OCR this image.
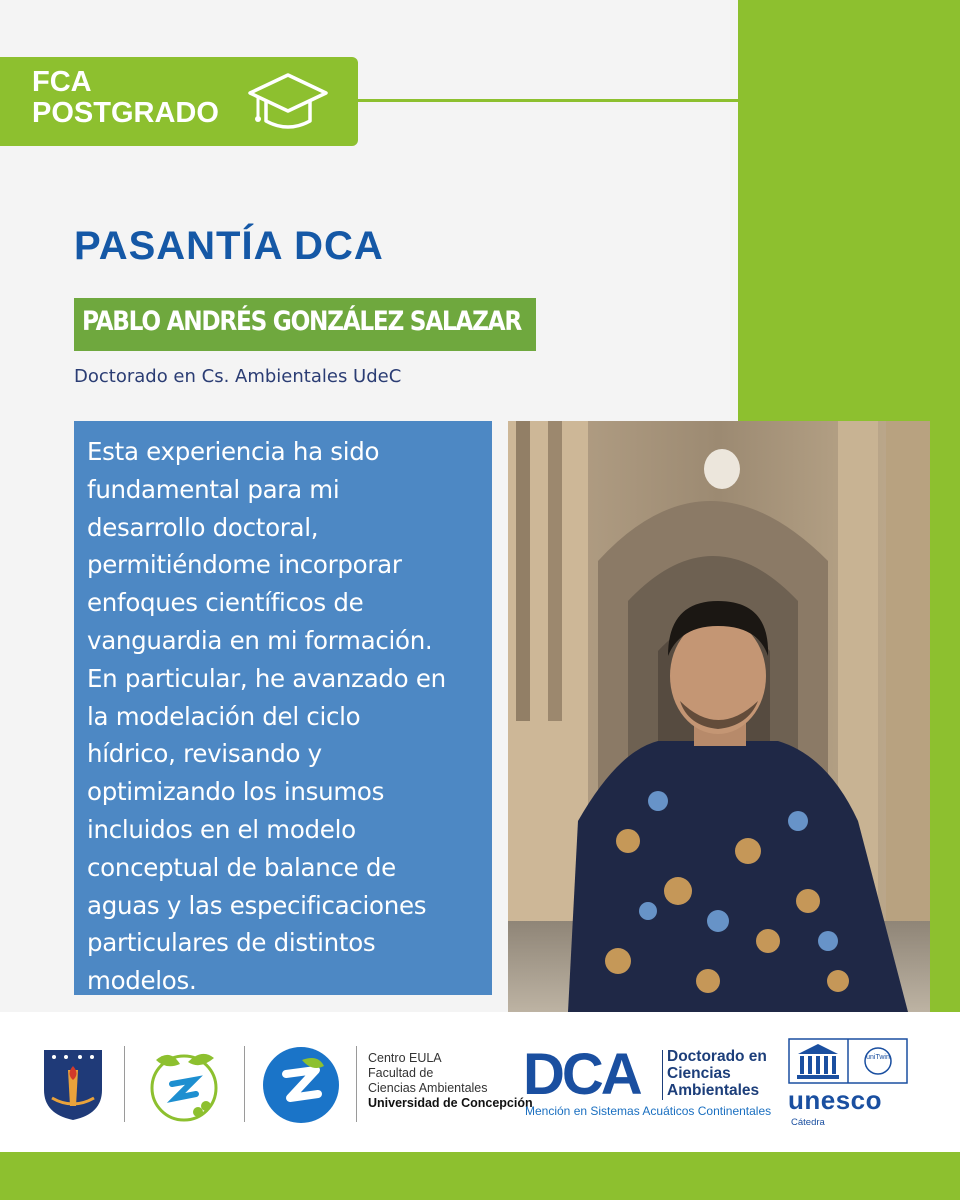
FCA
POSTGRADO
PASANTÍA DCA
PABLO ANDRÉS GONZÁLEZ SALAZAR
Doctorado en Cs. Ambientales UdeC
Esta experiencia ha sido
fundamental para mi
desarrollo doctoral,
permitiéndome incorporar
enfoques científicos de
vanguardia en mi formación.
En particular, he avanzado en
la modelación del ciclo
hídrico, revisando y
optimizando los insumos
incluidos en el modelo
conceptual de balance de
aguas y las especificaciones
particulares de distintos
modelos.
Centro EULA
Facultad de
Ciencias Ambientales
Universidad de Concepción
DCA Doctorado en
Ciencias
Ambientales
Mención en Sistemas Acuáticos Continentales
uniTwin
unesco
Cátedra
